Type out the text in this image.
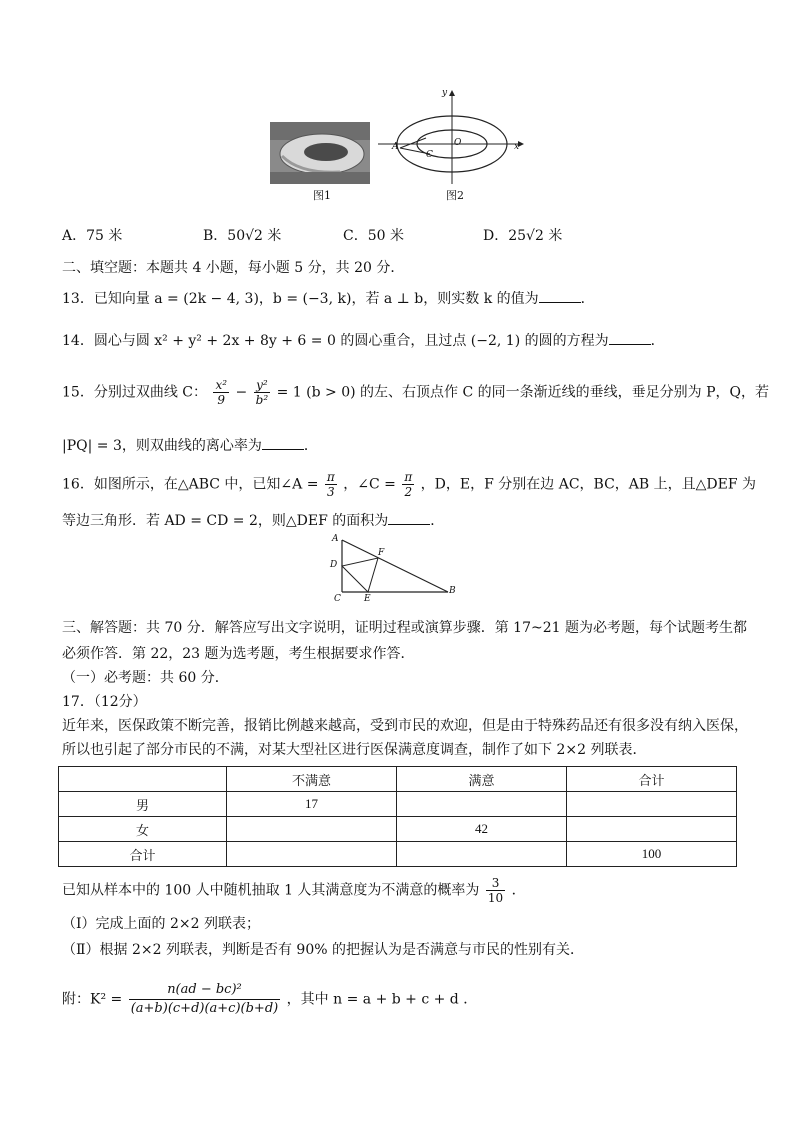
图1
y
x
O
A
C
图2
A．75 米	B．50√2 米	C．50 米	D．25√2 米
二、填空题：本题共 4 小题，每小题 5 分，共 20 分．
13．已知向量 a = (2k − 4, 3)，b = (−3, k)，若 a ⊥ b，则实数 k 的值为	．
14．圆心与圆 x² + y² + 2x + 8y + 6 = 0 的圆心重合，且过点 (−2, 1) 的圆的方程为	．
15．分别过双曲线 C： $\frac{\text{x²}}{9} - \frac{\text{y²}}{\text{b²}} = 1$ (b > 0) 的左、右顶点作 C 的同一条渐近线的垂线，垂足分别为 P，Q，若
|PQ| = 3，则双曲线的离心率为	．
16．如图所示，在△ABC 中，已知∠A = $\frac{\pi}{3}$ ，∠C = $\frac{\pi}{2}$ ，D，E，F 分别在边 AC，BC，AB 上，且△DEF 为
等边三角形．若 AD = CD = 2，则△DEF 的面积为	．
A
D
C	E
F
B
三、解答题：共 70 分．解答应写出文字说明，证明过程或演算步骤．第 17~21 题为必考题，每个试题考生都
必须作答．第 22，23 题为选考题，考生根据要求作答．
（一）必考题：共 60 分．
17．（12分）
近年来，医保政策不断完善，报销比例越来越高，受到市民的欢迎，但是由于特殊药品还有很多没有纳入医保，
所以也引起了部分市民的不满，对某大型社区进行医保满意度调查，制作了如下 2×2 列联表．
	不满意	满意	合计
男	17		
女		42	
合计			100
已知从样本中的 100 人中随机抽取 1 人其满意度为不满意的概率为 $\frac{3}{10}$ ．
（Ⅰ）完成上面的 2×2 列联表；
（Ⅱ）根据 2×2 列联表，判断是否有 90% 的把握认为是否满意与市民的性别有关．
附：$K^2 = \frac{\text{n(ad − bc)²}}{(a+b)(c+d)(a+c)(b+d)}$ ，其中 n = a + b + c + d ．
